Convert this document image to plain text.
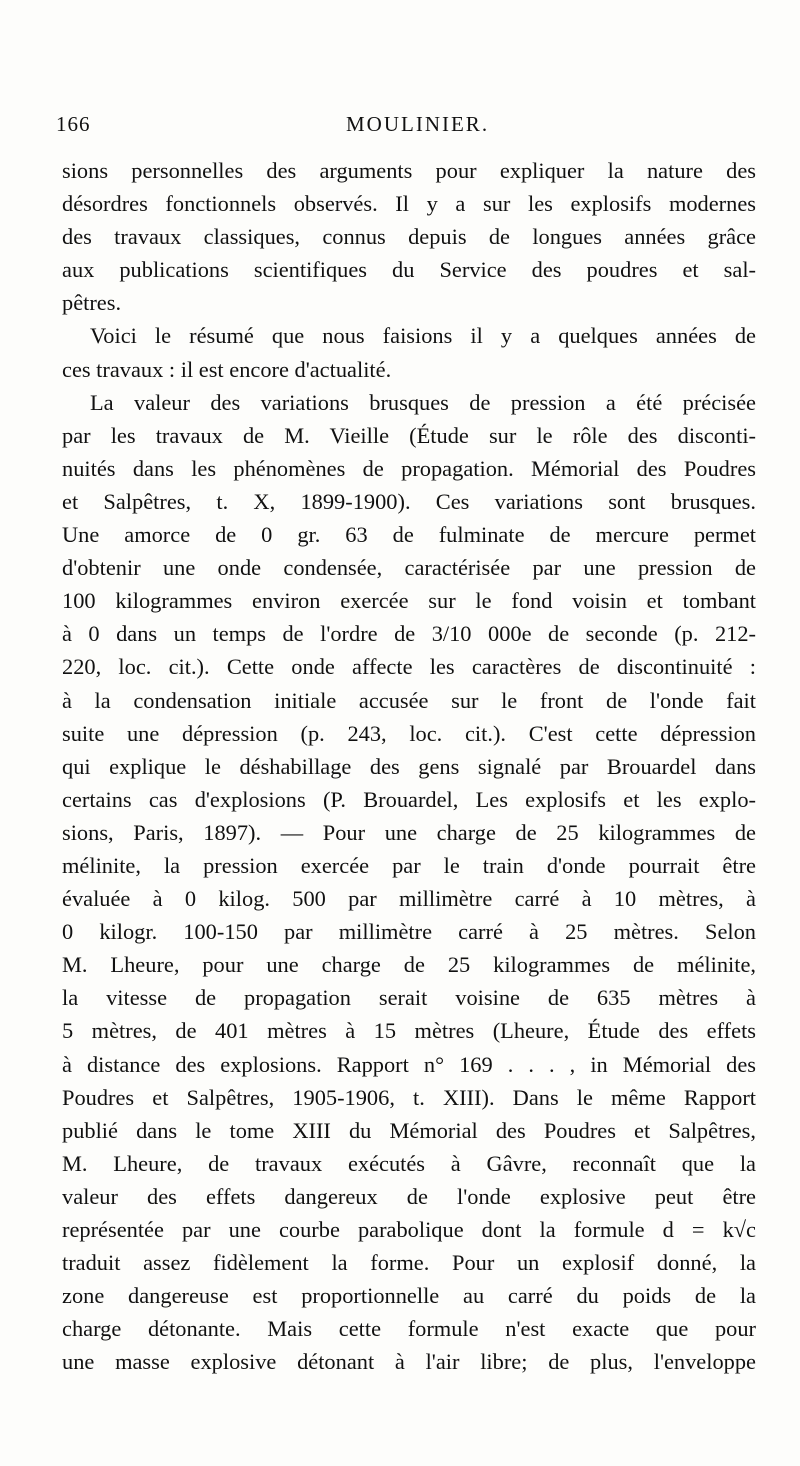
166	MOULINIER.
sions personnelles des arguments pour expliquer la nature des
désordres fonctionnels observés. Il y a sur les explosifs modernes
des travaux classiques, connus depuis de longues années grâce
aux publications scientifiques du Service des poudres et sal-
pêtres.
Voici le résumé que nous faisions il y a quelques années de
ces travaux : il est encore d'actualité.
La valeur des variations brusques de pression a été précisée
par les travaux de M. Vieille (Étude sur le rôle des disconti-
nuités dans les phénomènes de propagation. Mémorial des Poudres
et Salpêtres, t. X, 1899-1900). Ces variations sont brusques.
Une amorce de 0 gr. 63 de fulminate de mercure permet
d'obtenir une onde condensée, caractérisée par une pression de
100 kilogrammes environ exercée sur le fond voisin et tombant
à 0 dans un temps de l'ordre de 3/10 000e de seconde (p. 212-
220, loc. cit.). Cette onde affecte les caractères de discontinuité :
à la condensation initiale accusée sur le front de l'onde fait
suite une dépression (p. 243, loc. cit.). C'est cette dépression
qui explique le déshabillage des gens signalé par Brouardel dans
certains cas d'explosions (P. Brouardel, Les explosifs et les explo-
sions, Paris, 1897). — Pour une charge de 25 kilogrammes de
mélinite, la pression exercée par le train d'onde pourrait être
évaluée à 0 kilog. 500 par millimètre carré à 10 mètres, à
0 kilogr. 100-150 par millimètre carré à 25 mètres. Selon
M. Lheure, pour une charge de 25 kilogrammes de mélinite,
la vitesse de propagation serait voisine de 635 mètres à
5 mètres, de 401 mètres à 15 mètres (Lheure, Étude des effets
à distance des explosions. Rapport n° 169 . . . , in Mémorial des
Poudres et Salpêtres, 1905-1906, t. XIII). Dans le même Rapport
publié dans le tome XIII du Mémorial des Poudres et Salpêtres,
M. Lheure, de travaux exécutés à Gâvre, reconnaît que la
valeur des effets dangereux de l'onde explosive peut être
représentée par une courbe parabolique dont la formule d = k√c
traduit assez fidèlement la forme. Pour un explosif donné, la
zone dangereuse est proportionnelle au carré du poids de la
charge détonante. Mais cette formule n'est exacte que pour
une masse explosive détonant à l'air libre; de plus, l'enveloppe
